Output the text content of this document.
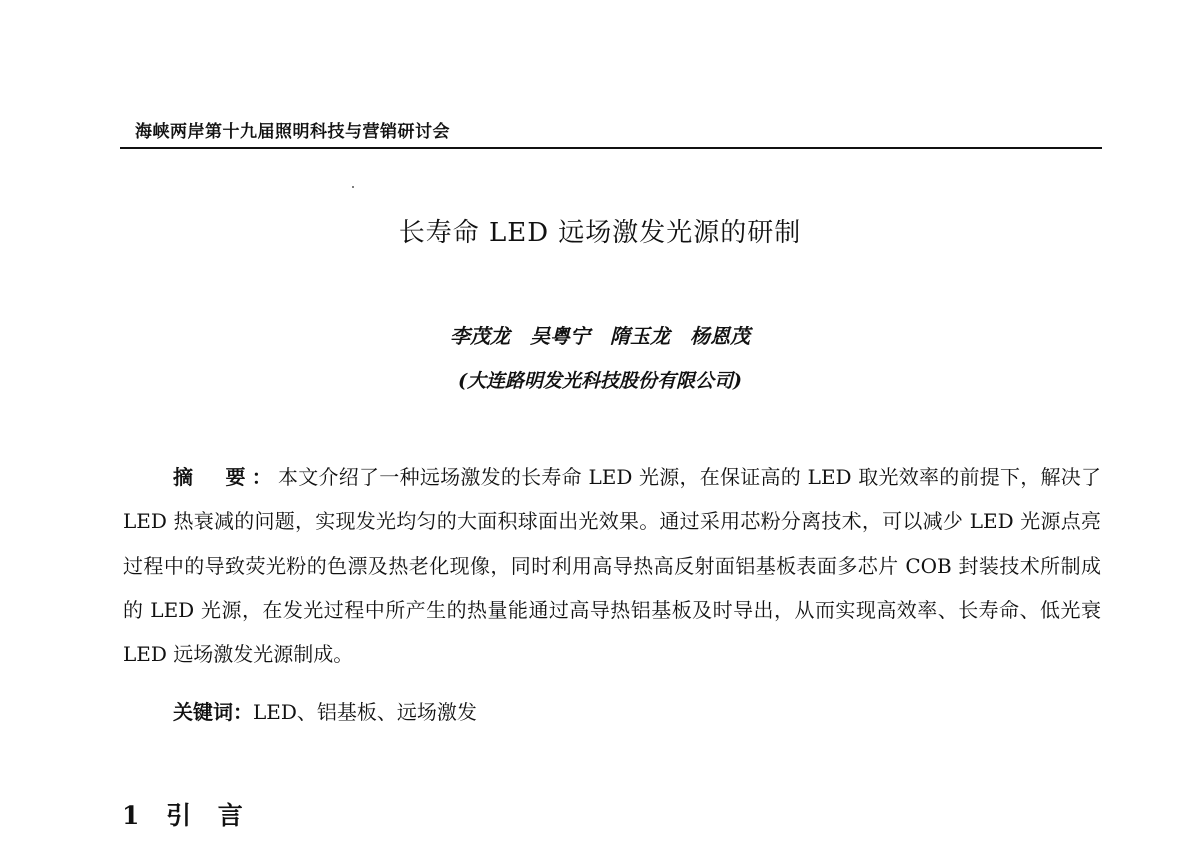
海峡两岸第十九届照明科技与营销研讨会
长寿命 LED 远场激发光源的研制
李茂龙　吴粤宁　隋玉龙　杨恩茂
(大连路明发光科技股份有限公司)

摘　要：本文介绍了一种远场激发的长寿命 LED 光源，在保证高的 LED 取光效率的前提下，解决了 LED 热衰减的问题，实现发光均匀的大面积球面出光效果。通过采用芯粉分离技术，可以减少 LED 光源点亮过程中的导致荧光粉的色漂及热老化现像，同时利用高导热高反射面铝基板表面多芯片 COB 封装技术所制成的 LED 光源，在发光过程中所产生的热量能通过高导热铝基板及时导出，从而实现高效率、长寿命、低光衰 LED 远场激发光源制成。

关键词：LED、铝基板、远场激发
1 引 言
